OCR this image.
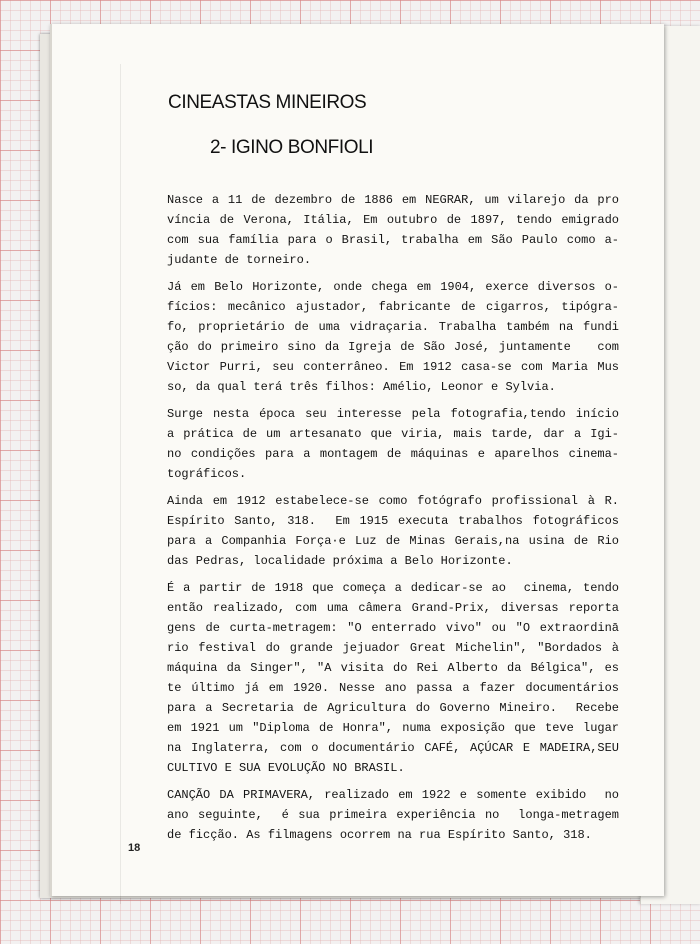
CINEASTAS MINEIROS
2- IGINO BONFIOLI
Nasce a 11 de dezembro de 1886 em NEGRAR, um vilarejo da pro
víncia de Verona, Itália, Em outubro de 1897, tendo emigrado
com sua família para o Brasil, trabalha em São Paulo como a-
judante de torneiro.
Já em Belo Horizonte, onde chega em 1904, exerce diversos o-
fícios: mecânico ajustador, fabricante de cigarros, tipógra-
fo, proprietário de uma vidraçaria. Trabalha também na fundi
ção do primeiro sino da Igreja de São José, juntamente   com
Victor Purri, seu conterrâneo. Em 1912 casa-se com Maria Mus
so, da qual terá três filhos: Amélio, Leonor e Sylvia.
Surge nesta época seu interesse pela fotografia,tendo início
a prática de um artesanato que viria, mais tarde, dar a Igi-
no condições para a montagem de máquinas e aparelhos cinema-
tográficos.
Ainda em 1912 estabelece-se como fotógrafo profissional à R.
Espírito Santo, 318.  Em 1915 executa trabalhos fotográficos
para a Companhia Força·e Luz de Minas Gerais,na usina de Rio
das Pedras, localidade próxima a Belo Horizonte.
É a partir de 1918 que começa a dedicar-se ao  cinema, tendo
então realizado, com uma câmera Grand-Prix, diversas reporta
gens de curta-metragem: "O enterrado vivo" ou "O extraordinā
rio festival do grande jejuador Great Michelin", "Bordados à
máquina da Singer", "A visita do Rei Alberto da Bélgica", es
te último já em 1920. Nesse ano passa a fazer documentários
para a Secretaria de Agricultura do Governo Mineiro.  Recebe
em 1921 um "Diploma de Honra", numa exposição que teve lugar
na Inglaterra, com o documentário CAFÉ, AÇÚCAR E MADEIRA,SEU
CULTIVO E SUA EVOLUÇÃO NO BRASIL.
CANÇÃO DA PRIMAVERA, realizado em 1922 e somente exibido  no
ano seguinte,  é sua primeira experiência no  longa-metragem
de ficção. As filmagens ocorrem na rua Espírito Santo, 318.
18
